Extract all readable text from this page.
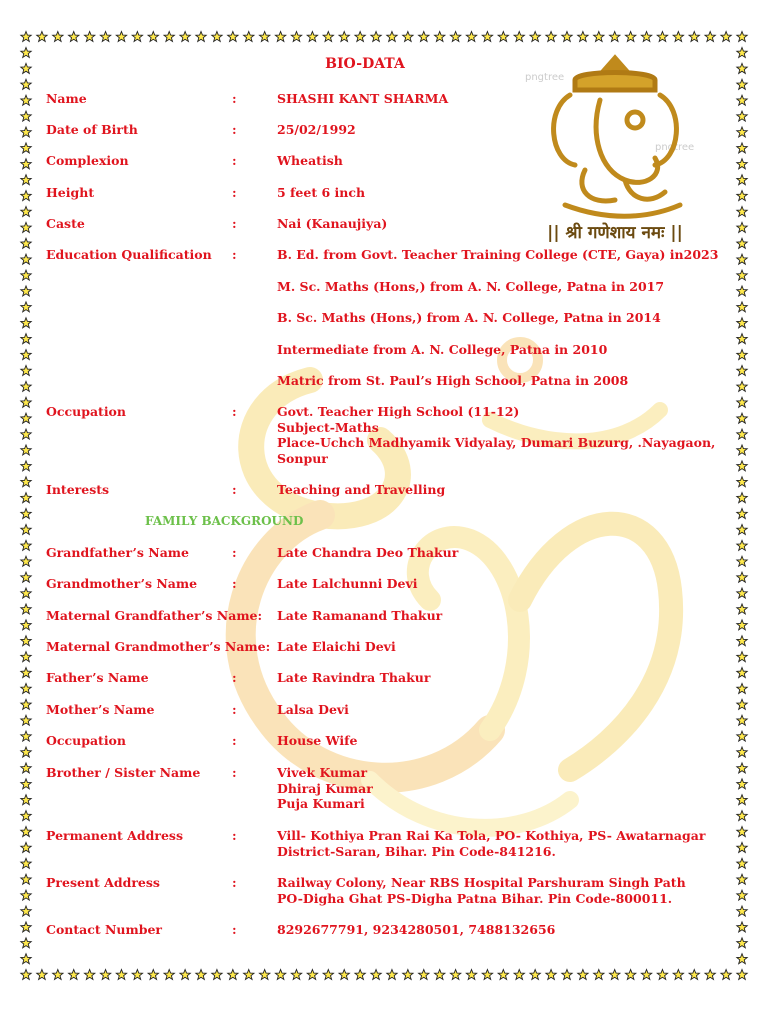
pngtree
pngtree
|| श्री गणेशाय नमः ||
BIO-DATA
Name	:	SHASHI KANT SHARMA
Date of Birth	:	25/02/1992
Complexion	:	Wheatish
Height	:	5 feet 6 inch
Caste	:	Nai (Kanaujiya)
Education Qualification :	B. Ed. from Govt. Teacher Training College (CTE, Gaya) in2023
M. Sc. Maths (Hons,) from A. N. College, Patna in 2017
B. Sc. Maths (Hons,) from A. N. College, Patna in 2014
Intermediate from A. N. College, Patna in 2010
Matric from St. Paul’s High School, Patna in 2008
Occupation	:	Govt. Teacher High School (11-12)
Subject-Maths
Place-Uchch Madhyamik Vidyalay, Dumari Buzurg, .Nayagaon,
Sonpur
Interests	:	Teaching and Travelling
FAMILY BACKGROUND
Grandfather’s Name	:	Late Chandra Deo Thakur
Grandmother’s Name	:	Late Lalchunni Devi
Maternal Grandfather’s Name: Late Ramanand Thakur
Maternal Grandmother’s Name: Late Elaichi Devi
Father’s Name	:	Late Ravindra Thakur
Mother’s Name	:	Lalsa Devi
Occupation	:	House Wife
Brother / Sister Name	:	Vivek Kumar
Dhiraj Kumar
Puja Kumari
Permanent Address	:	Vill- Kothiya Pran Rai Ka Tola, PO- Kothiya, PS- Awatarnagar
District-Saran, Bihar. Pin Code-841216.
Present Address	:	Railway Colony, Near RBS Hospital Parshuram Singh Path
PO-Digha Ghat PS-Digha Patna Bihar. Pin Code-800011.
Contact Number	:	8292677791, 9234280501, 7488132656
